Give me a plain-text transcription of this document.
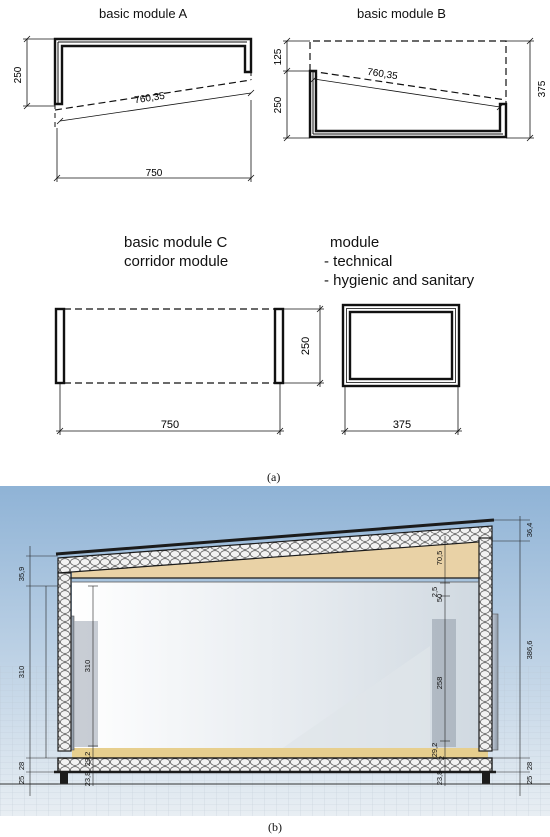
250
760,35
750
125
250
375
760,35
250
750	375
basic module A	basic module B
basic module C
corridor module
module
- technical
- hygienic and sanitary
(a)
35,9
310
28
25
310
29,2
23,8
70,5
2,5
50
258
29,2
2
23,8
36,4
386,6
28
25
(b)
